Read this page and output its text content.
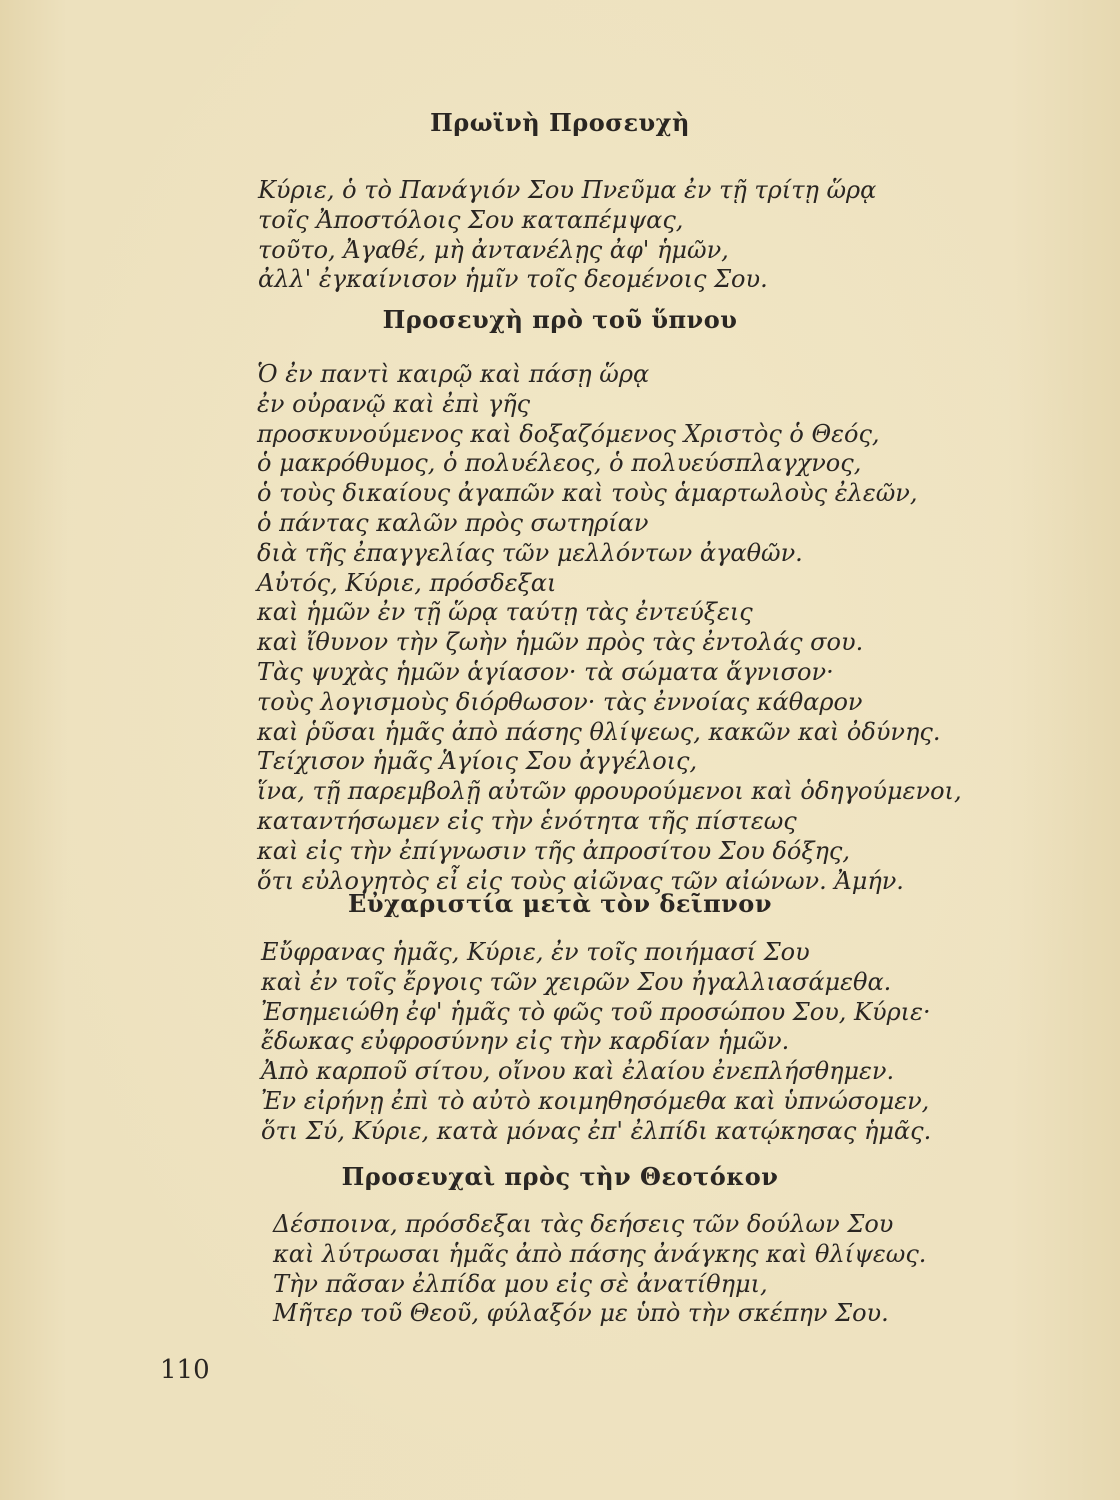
Πρωϊνὴ Προσευχὴ
Κύριε, ὁ τὸ Πανάγιόν Σου Πνεῦμα ἐν τῇ τρίτῃ ὥρᾳ
τοῖς Ἀποστόλοις Σου καταπέμψας,
τοῦτο, Ἀγαθέ, μὴ ἀντανέλῃς ἀφ' ἡμῶν,
ἀλλ' ἐγκαίνισον ἡμῖν τοῖς δεομένοις Σου.
Προσευχὴ πρὸ τοῦ ὕπνου
Ὁ ἐν παντὶ καιρῷ καὶ πάσῃ ὥρᾳ
ἐν οὐρανῷ καὶ ἐπὶ γῆς
προσκυνούμενος καὶ δοξαζόμενος Χριστὸς ὁ Θεός,
ὁ μακρόθυμος, ὁ πολυέλεος, ὁ πολυεύσπλαγχνος,
ὁ τοὺς δικαίους ἀγαπῶν καὶ τοὺς ἁμαρτωλοὺς ἐλεῶν,
ὁ πάντας καλῶν πρὸς σωτηρίαν
διὰ τῆς ἐπαγγελίας τῶν μελλόντων ἀγαθῶν.
Αὐτός, Κύριε, πρόσδεξαι
καὶ ἡμῶν ἐν τῇ ὥρᾳ ταύτῃ τὰς ἐντεύξεις
καὶ ἴθυνον τὴν ζωὴν ἡμῶν πρὸς τὰς ἐντολάς σου.
Τὰς ψυχὰς ἡμῶν ἁγίασον· τὰ σώματα ἅγνισον·
τοὺς λογισμοὺς διόρθωσον· τὰς ἐννοίας κάθαρον
καὶ ῥῦσαι ἡμᾶς ἀπὸ πάσης θλίψεως, κακῶν καὶ ὀδύνης.
Τείχισον ἡμᾶς Ἁγίοις Σου ἀγγέλοις,
ἵνα, τῇ παρεμβολῇ αὐτῶν φρουρούμενοι καὶ ὁδηγούμενοι,
καταντήσωμεν εἰς τὴν ἑνότητα τῆς πίστεως
καὶ εἰς τὴν ἐπίγνωσιν τῆς ἀπροσίτου Σου δόξης,
ὅτι εὐλογητὸς εἶ εἰς τοὺς αἰῶνας τῶν αἰώνων. Ἀμήν.
Εὐχαριστία μετὰ τὸν δεῖπνον
Εὔφρανας ἡμᾶς, Κύριε, ἐν τοῖς ποιήμασί Σου
καὶ ἐν τοῖς ἔργοις τῶν χειρῶν Σου ἠγαλλιασάμεθα.
Ἐσημειώθη ἐφ' ἡμᾶς τὸ φῶς τοῦ προσώπου Σου, Κύριε·
ἔδωκας εὐφροσύνην εἰς τὴν καρδίαν ἡμῶν.
Ἀπὸ καρποῦ σίτου, οἴνου καὶ ἐλαίου ἐνεπλήσθημεν.
Ἐν εἰρήνῃ ἐπὶ τὸ αὐτὸ κοιμηθησόμεθα καὶ ὑπνώσομεν,
ὅτι Σύ, Κύριε, κατὰ μόνας ἐπ' ἐλπίδι κατῴκησας ἡμᾶς.
Προσευχαὶ πρὸς τὴν Θεοτόκον
Δέσποινα, πρόσδεξαι τὰς δεήσεις τῶν δούλων Σου
καὶ λύτρωσαι ἡμᾶς ἀπὸ πάσης ἀνάγκης καὶ θλίψεως.
Τὴν πᾶσαν ἐλπίδα μου εἰς σὲ ἀνατίθημι,
Μῆτερ τοῦ Θεοῦ, φύλαξόν με ὑπὸ τὴν σκέπην Σου.

110
